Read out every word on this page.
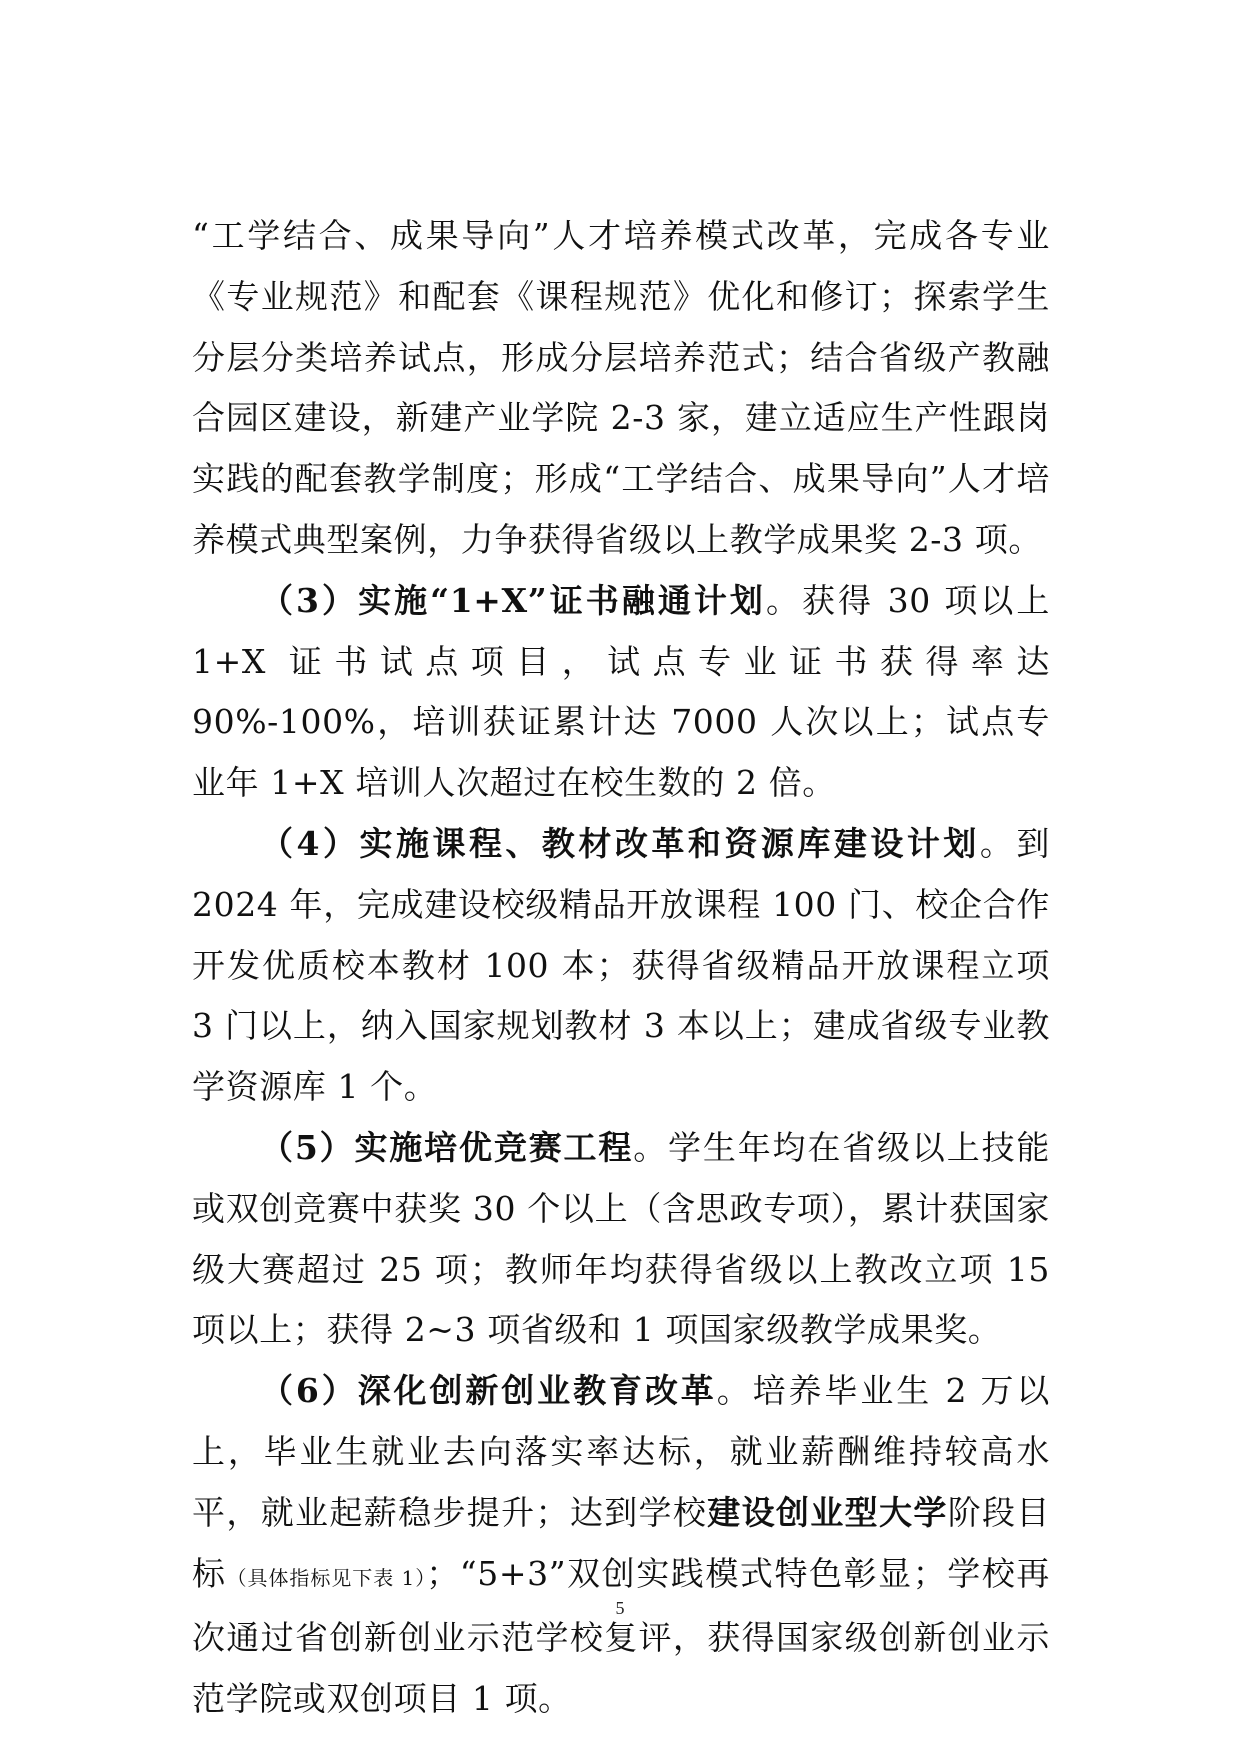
“工学结合、成果导向”人才培养模式改革，完成各专业《专业规范》和配套《课程规范》优化和修订；探索学生分层分类培养试点，形成分层培养范式；结合省级产教融合园区建设，新建产业学院 2-3 家，建立适应生产性跟岗实践的配套教学制度；形成“工学结合、成果导向”人才培养模式典型案例，力争获得省级以上教学成果奖 2-3 项。

（3）实施“1+X”证书融通计划。获得 30 项以上 1+X 证书试点项目，试点专业证书获得率达 90%-100%，培训获证累计达 7000 人次以上；试点专业年 1+X 培训人次超过在校生数的 2 倍。

（4）实施课程、教材改革和资源库建设计划。到 2024 年，完成建设校级精品开放课程 100 门、校企合作开发优质校本教材 100 本；获得省级精品开放课程立项 3 门以上，纳入国家规划教材 3 本以上；建成省级专业教学资源库 1 个。

（5）实施培优竞赛工程。学生年均在省级以上技能或双创竞赛中获奖 30 个以上（含思政专项），累计获国家级大赛超过 25 项；教师年均获得省级以上教改立项 15 项以上；获得 2~3 项省级和 1 项国家级教学成果奖。

（6）深化创新创业教育改革。培养毕业生 2 万以上，毕业生就业去向落实率达标，就业薪酬维持较高水平，就业起薪稳步提升；达到学校建设创业型大学阶段目标（具体指标见下表 1）；“5+3”双创实践模式特色彰显；学校再次通过省创新创业示范学校复评，获得国家级创新创业示范学院或双创项目 1 项。

5
